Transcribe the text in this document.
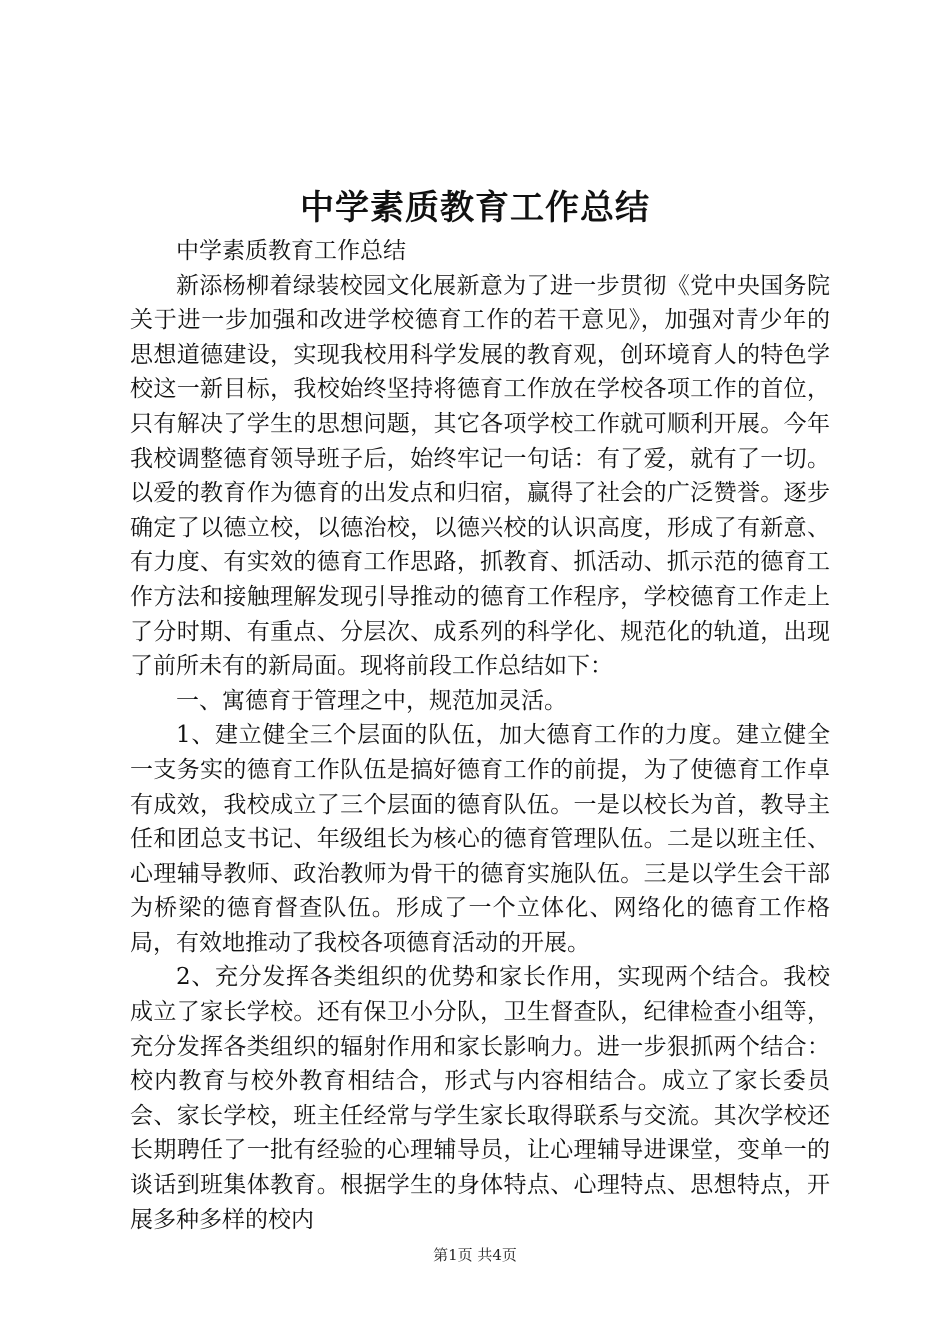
中学素质教育工作总结

中学素质教育工作总结

新添杨柳着绿装校园文化展新意为了进一步贯彻《党中央国务院关于进一步加强和改进学校德育工作的若干意见》，加强对青少年的思想道德建设，实现我校用科学发展的教育观，创环境育人的特色学校这一新目标，我校始终坚持将德育工作放在学校各项工作的首位，只有解决了学生的思想问题，其它各项学校工作就可顺利开展。今年我校调整德育领导班子后，始终牢记一句话：有了爱，就有了一切。以爱的教育作为德育的出发点和归宿，赢得了社会的广泛赞誉。逐步确定了以德立校，以德治校，以德兴校的认识高度，形成了有新意、有力度、有实效的德育工作思路，抓教育、抓活动、抓示范的德育工作方法和接触理解发现引导推动的德育工作程序，学校德育工作走上了分时期、有重点、分层次、成系列的科学化、规范化的轨道，出现了前所未有的新局面。现将前段工作总结如下：

一、寓德育于管理之中，规范加灵活。

1、建立健全三个层面的队伍，加大德育工作的力度。建立健全一支务实的德育工作队伍是搞好德育工作的前提，为了使德育工作卓有成效，我校成立了三个层面的德育队伍。一是以校长为首，教导主任和团总支书记、年级组长为核心的德育管理队伍。二是以班主任、心理辅导教师、政治教师为骨干的德育实施队伍。三是以学生会干部为桥梁的德育督查队伍。形成了一个立体化、网络化的德育工作格局，有效地推动了我校各项德育活动的开展。

2、充分发挥各类组织的优势和家长作用，实现两个结合。我校成立了家长学校。还有保卫小分队，卫生督查队，纪律检查小组等，充分发挥各类组织的辐射作用和家长影响力。进一步狠抓两个结合：校内教育与校外教育相结合，形式与内容相结合。成立了家长委员会、家长学校，班主任经常与学生家长取得联系与交流。其次学校还长期聘任了一批有经验的心理辅导员，让心理辅导进课堂，变单一的谈话到班集体教育。根据学生的身体特点、心理特点、思想特点，开展多种多样的校内

第1页 共4页
